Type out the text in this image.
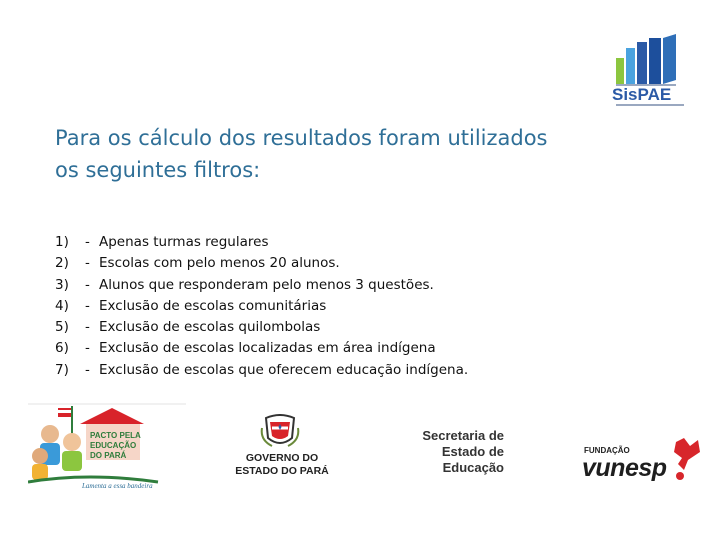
SisPAE
Para os cálculo dos resultados foram utilizados
os seguintes filtros:
1)	- Apenas turmas regulares
2)	- Escolas com pelo menos 20 alunos.
3)	- Alunos que responderam pelo menos 3 questões.
4)	- Exclusão de escolas comunitárias
5)	- Exclusão de escolas quilombolas
6)	- Exclusão de escolas localizadas em área indígena
7)	- Exclusão de escolas que oferecem educação indígena.
PACTO PELA
EDUCAÇÃO
DO PARÁ
Lamenta a essa bandeira
GOVERNO DO
ESTADO DO PARÁ
Secretaria de
Estado de
Educação
FUNDAÇÃO
vunesp
